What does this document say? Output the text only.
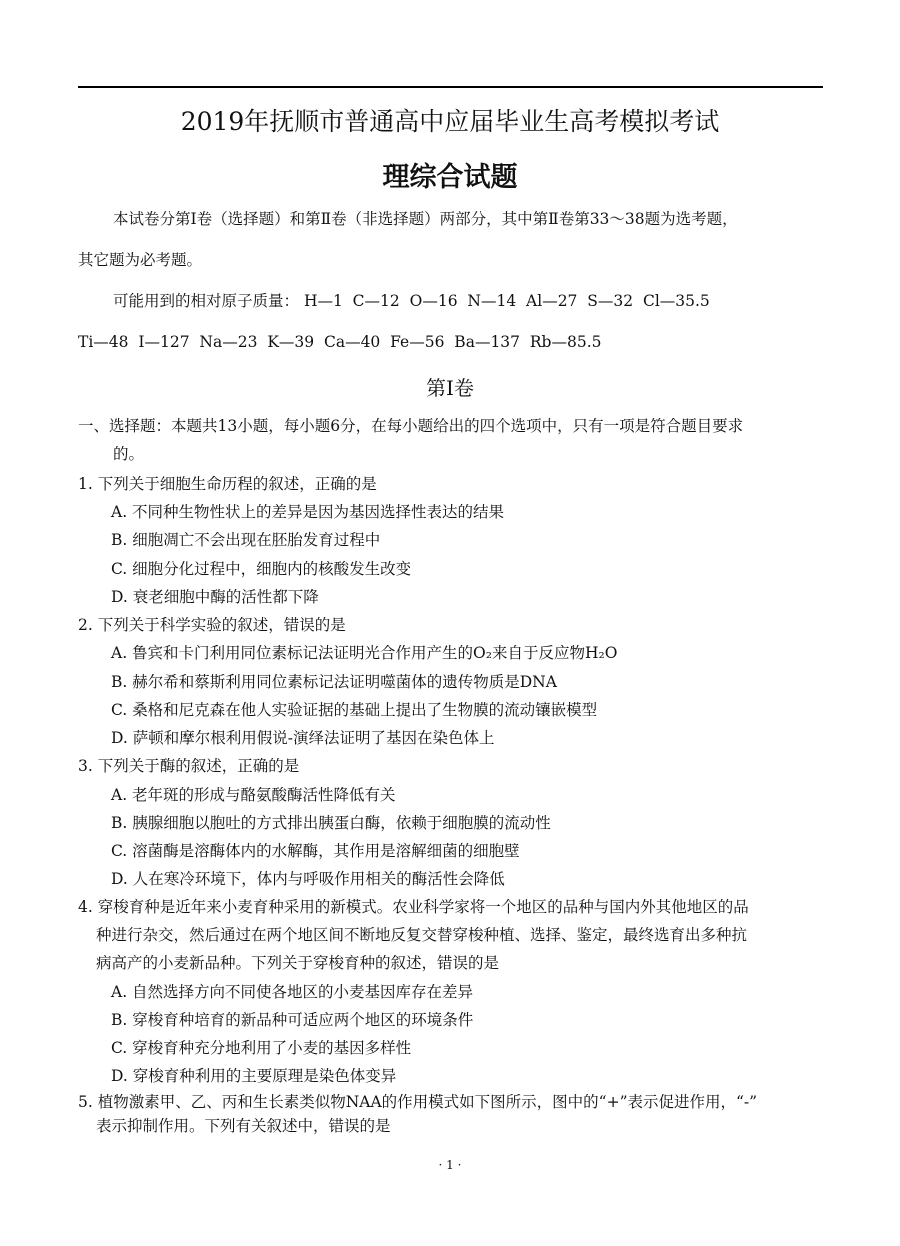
2019年抚顺市普通高中应届毕业生高考模拟考试
理综合试题
本试卷分第Ⅰ卷（选择题）和第Ⅱ卷（非选择题）两部分，其中第Ⅱ卷第33～38题为选考题，
其它题为必考题。
可能用到的相对原子质量： H—1  C—12  O—16  N—14  Al—27  S—32  Cl—35.5
Ti—48  I—127  Na—23  K—39  Ca—40  Fe—56  Ba—137  Rb—85.5
第Ⅰ卷
一、选择题：本题共13小题，每小题6分，在每小题给出的四个选项中，只有一项是符合题目要求
的。
1. 下列关于细胞生命历程的叙述，正确的是
A. 不同种生物性状上的差异是因为基因选择性表达的结果
B. 细胞凋亡不会出现在胚胎发育过程中
C. 细胞分化过程中，细胞内的核酸发生改变
D. 衰老细胞中酶的活性都下降
2. 下列关于科学实验的叙述，错误的是
A. 鲁宾和卡门利用同位素标记法证明光合作用产生的O₂来自于反应物H₂O
B. 赫尔希和蔡斯利用同位素标记法证明噬菌体的遗传物质是DNA
C. 桑格和尼克森在他人实验证据的基础上提出了生物膜的流动镶嵌模型
D. 萨顿和摩尔根利用假说-演绎法证明了基因在染色体上
3. 下列关于酶的叙述，正确的是
A. 老年斑的形成与酪氨酸酶活性降低有关
B. 胰腺细胞以胞吐的方式排出胰蛋白酶，依赖于细胞膜的流动性
C. 溶菌酶是溶酶体内的水解酶，其作用是溶解细菌的细胞壁
D. 人在寒冷环境下，体内与呼吸作用相关的酶活性会降低
4. 穿梭育种是近年来小麦育种采用的新模式。农业科学家将一个地区的品种与国内外其他地区的品
种进行杂交，然后通过在两个地区间不断地反复交替穿梭种植、选择、鉴定，最终选育出多种抗
病高产的小麦新品种。下列关于穿梭育种的叙述，错误的是
A. 自然选择方向不同使各地区的小麦基因库存在差异
B. 穿梭育种培育的新品种可适应两个地区的环境条件
C. 穿梭育种充分地利用了小麦的基因多样性
D. 穿梭育种利用的主要原理是染色体变异
5. 植物激素甲、乙、丙和生长素类似物NAA的作用模式如下图所示，图中的“+”表示促进作用，“-”
表示抑制作用。下列有关叙述中，错误的是
· 1 ·
